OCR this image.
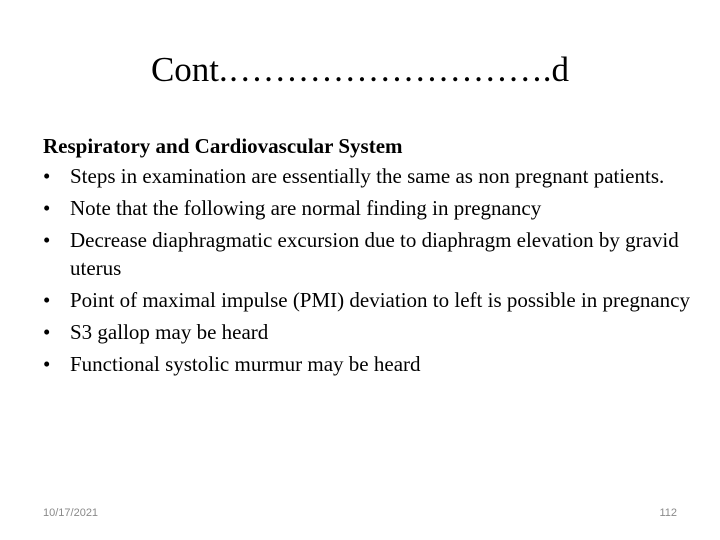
Cont.……………………….d
Respiratory and Cardiovascular System
• Steps in examination are essentially the same as non pregnant patients.
• Note that the following are normal finding in pregnancy
• Decrease diaphragmatic excursion due to diaphragm elevation by gravid uterus
• Point of maximal impulse (PMI) deviation to left is possible in pregnancy
• S3 gallop may be heard
• Functional systolic murmur may be heard
10/17/2021	112
